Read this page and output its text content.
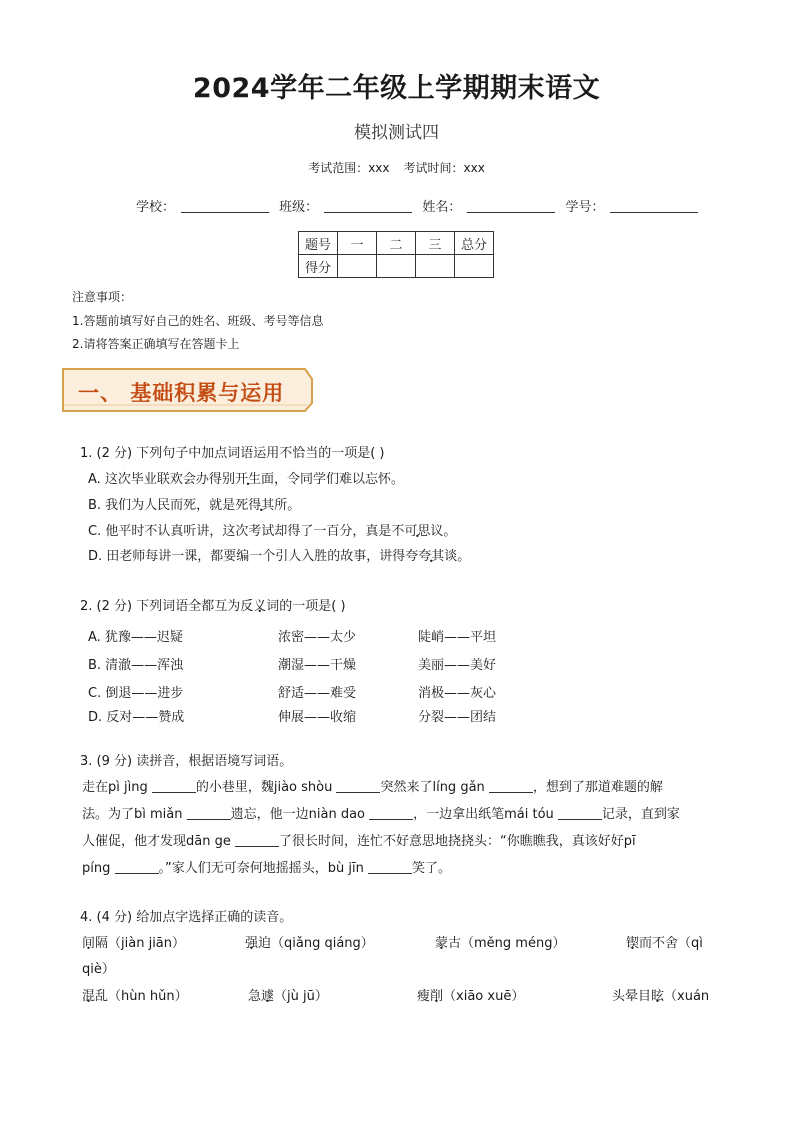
2024学年二年级上学期期末语文
模拟测试四
考试范围：xxx 考试时间：xxx
学校：	班级：	姓名：	学号：
题号	一	二	三	总分
得分				
注意事项：
1.答题前填写好自己的姓名、班级、考号等信息
2.请将答案正确填写在答题卡上
一、 基础积累与运用
1. (2 分) 下列句子中加点词语运用不恰当的一项是( )
A. 这次毕业联欢会办得别开生面，令同学们难以忘怀。
B. 我们为人民而死，就是死得其所。
C. 他平时不认真听讲，这次考试却得了一百分，真是不可思议。
D. 田老师每讲一课，都要编一个引人入胜的故事，讲得夸夸其谈。
2. (2 分) 下列词语全都互为反义词的一项是( )
A. 犹豫——迟疑	浓密——太少	陡峭——平坦
B. 清澈——浑浊	潮湿——干燥	美丽——美好
C. 倒退——进步	舒适——难受	消极——灰心
D. 反对——赞成	伸展——收缩	分裂——团结
3. (9 分) 读拼音，根据语境写词语。
走在pì jìng	的小巷里，魏jiào shòu	突然来了líng gǎn	，想到了那道难题的解
法。为了bì miǎn	遗忘，他一边niàn dao	，一边拿出纸笔mái tóu	记录，直到家
人催促，他才发现dān ge	了很长时间，连忙不好意思地挠挠头：“你瞧瞧我，真该好好pī
píng	。”家人们无可奈何地摇摇头，bù jīn	笑了。
4. (4 分) 给加点字选择正确的读音。
间隔（jiàn jiān）	强迫（qiǎng qiáng）	蒙古（měng méng）	锲而不舍（qì
qiè）
混乱（hùn hǔn）	急遽（jù jū）	瘦削（xiāo xuē）	头晕目眩（xuán
